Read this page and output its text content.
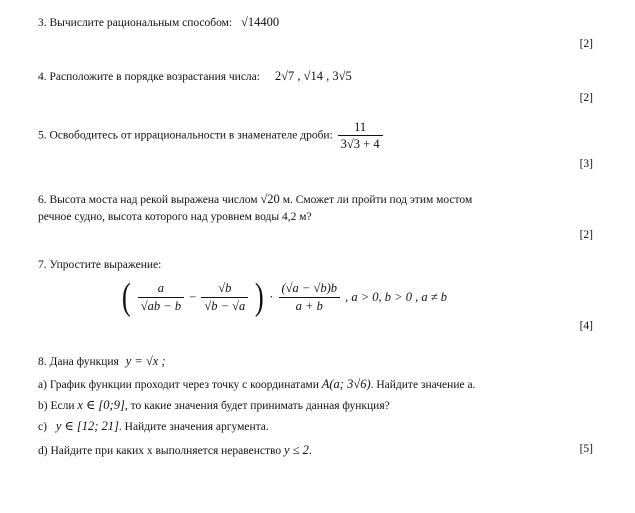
3. Вычислите рациональным способом: √14400
[2]
4. Расположите в порядке возрастания числа: 2√7 , √14 , 3√5
[2]
5. Освободитесь от иррациональности в знаменателе дроби: $\frac{11}{3√3 + 4}$
[3]
6. Высота моста над рекой выражена числом √20 м. Сможет ли пройти под этим мостом
речное судно, высота которого над уровнем воды 4,2 м?
[2]
7. Упростите выражение:
( $\frac{a}{√ab - b} - \frac{√b}{√b - √a}$ ) · $\frac{(√a - √b)b}{a + b}$ , a > 0, b > 0 , a ≠ b
[4]
8. Дана функция y = √x ;
a) График функции проходит через точку с координатами A(a; 3√6). Найдите значение a.
b) Если x ∈ [0;9], то какие значения будет принимать данная функция?
c) y ∈ [12; 21]. Найдите значения аргумента.
d) Найдите при каких x выполняется неравенство y ≤ 2.	[5]
